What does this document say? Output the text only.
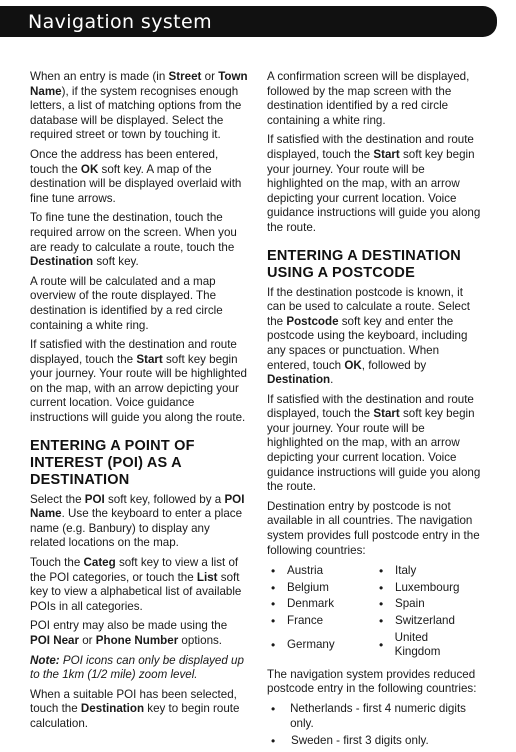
Navigation system

When an entry is made (in Street or Town Name), if the system recognises enough letters, a list of matching options from the database will be displayed. Select the required street or town by touching it.

Once the address has been entered, touch the OK soft key. A map of the destination will be displayed overlaid with fine tune arrows.

To fine tune the destination, touch the required arrow on the screen. When you are ready to calculate a route, touch the Destination soft key.

A route will be calculated and a map overview of the route displayed. The destination is identified by a red circle containing a white ring.

If satisfied with the destination and route displayed, touch the Start soft key begin your journey. Your route will be highlighted on the map, with an arrow depicting your current location. Voice guidance instructions will guide you along the route.

ENTERING A POINT OF INTEREST (POI) AS A DESTINATION

Select the POI soft key, followed by a POI Name. Use the keyboard to enter a place name (e.g. Banbury) to display any related locations on the map.

Touch the Categ soft key to view a list of the POI categories, or touch the List soft key to view a alphabetical list of available POIs in all categories.

POI entry may also be made using the POI Near or Phone Number options.

Note: POI icons can only be displayed up to the 1km (1/2 mile) zoom level.

When a suitable POI has been selected, touch the Destination key to begin route calculation.

A confirmation screen will be displayed, followed by the map screen with the destination identified by a red circle containing a white ring.

If satisfied with the destination and route displayed, touch the Start soft key begin your journey. Your route will be highlighted on the map, with an arrow depicting your current location. Voice guidance instructions will guide you along the route.

ENTERING A DESTINATION USING A POSTCODE

If the destination postcode is known, it can be used to calculate a route. Select the Postcode soft key and enter the postcode using the keyboard, including any spaces or punctuation. When entered, touch OK, followed by Destination.

If satisfied with the destination and route displayed, touch the Start soft key begin your journey. Your route will be highlighted on the map, with an arrow depicting your current location. Voice guidance instructions will guide you along the route.

Destination entry by postcode is not available in all countries. The navigation system provides full postcode entry in the following countries:

•	Austria	•	Italy
•	Belgium	•	Luxembourg
•	Denmark	•	Spain
•	France	•	Switzerland
•	Germany	•
United Kingdom

The navigation system provides reduced postcode entry in the following countries:

•	Netherlands - first 4 numeric digits only.
•	Sweden - first 3 digits only.
